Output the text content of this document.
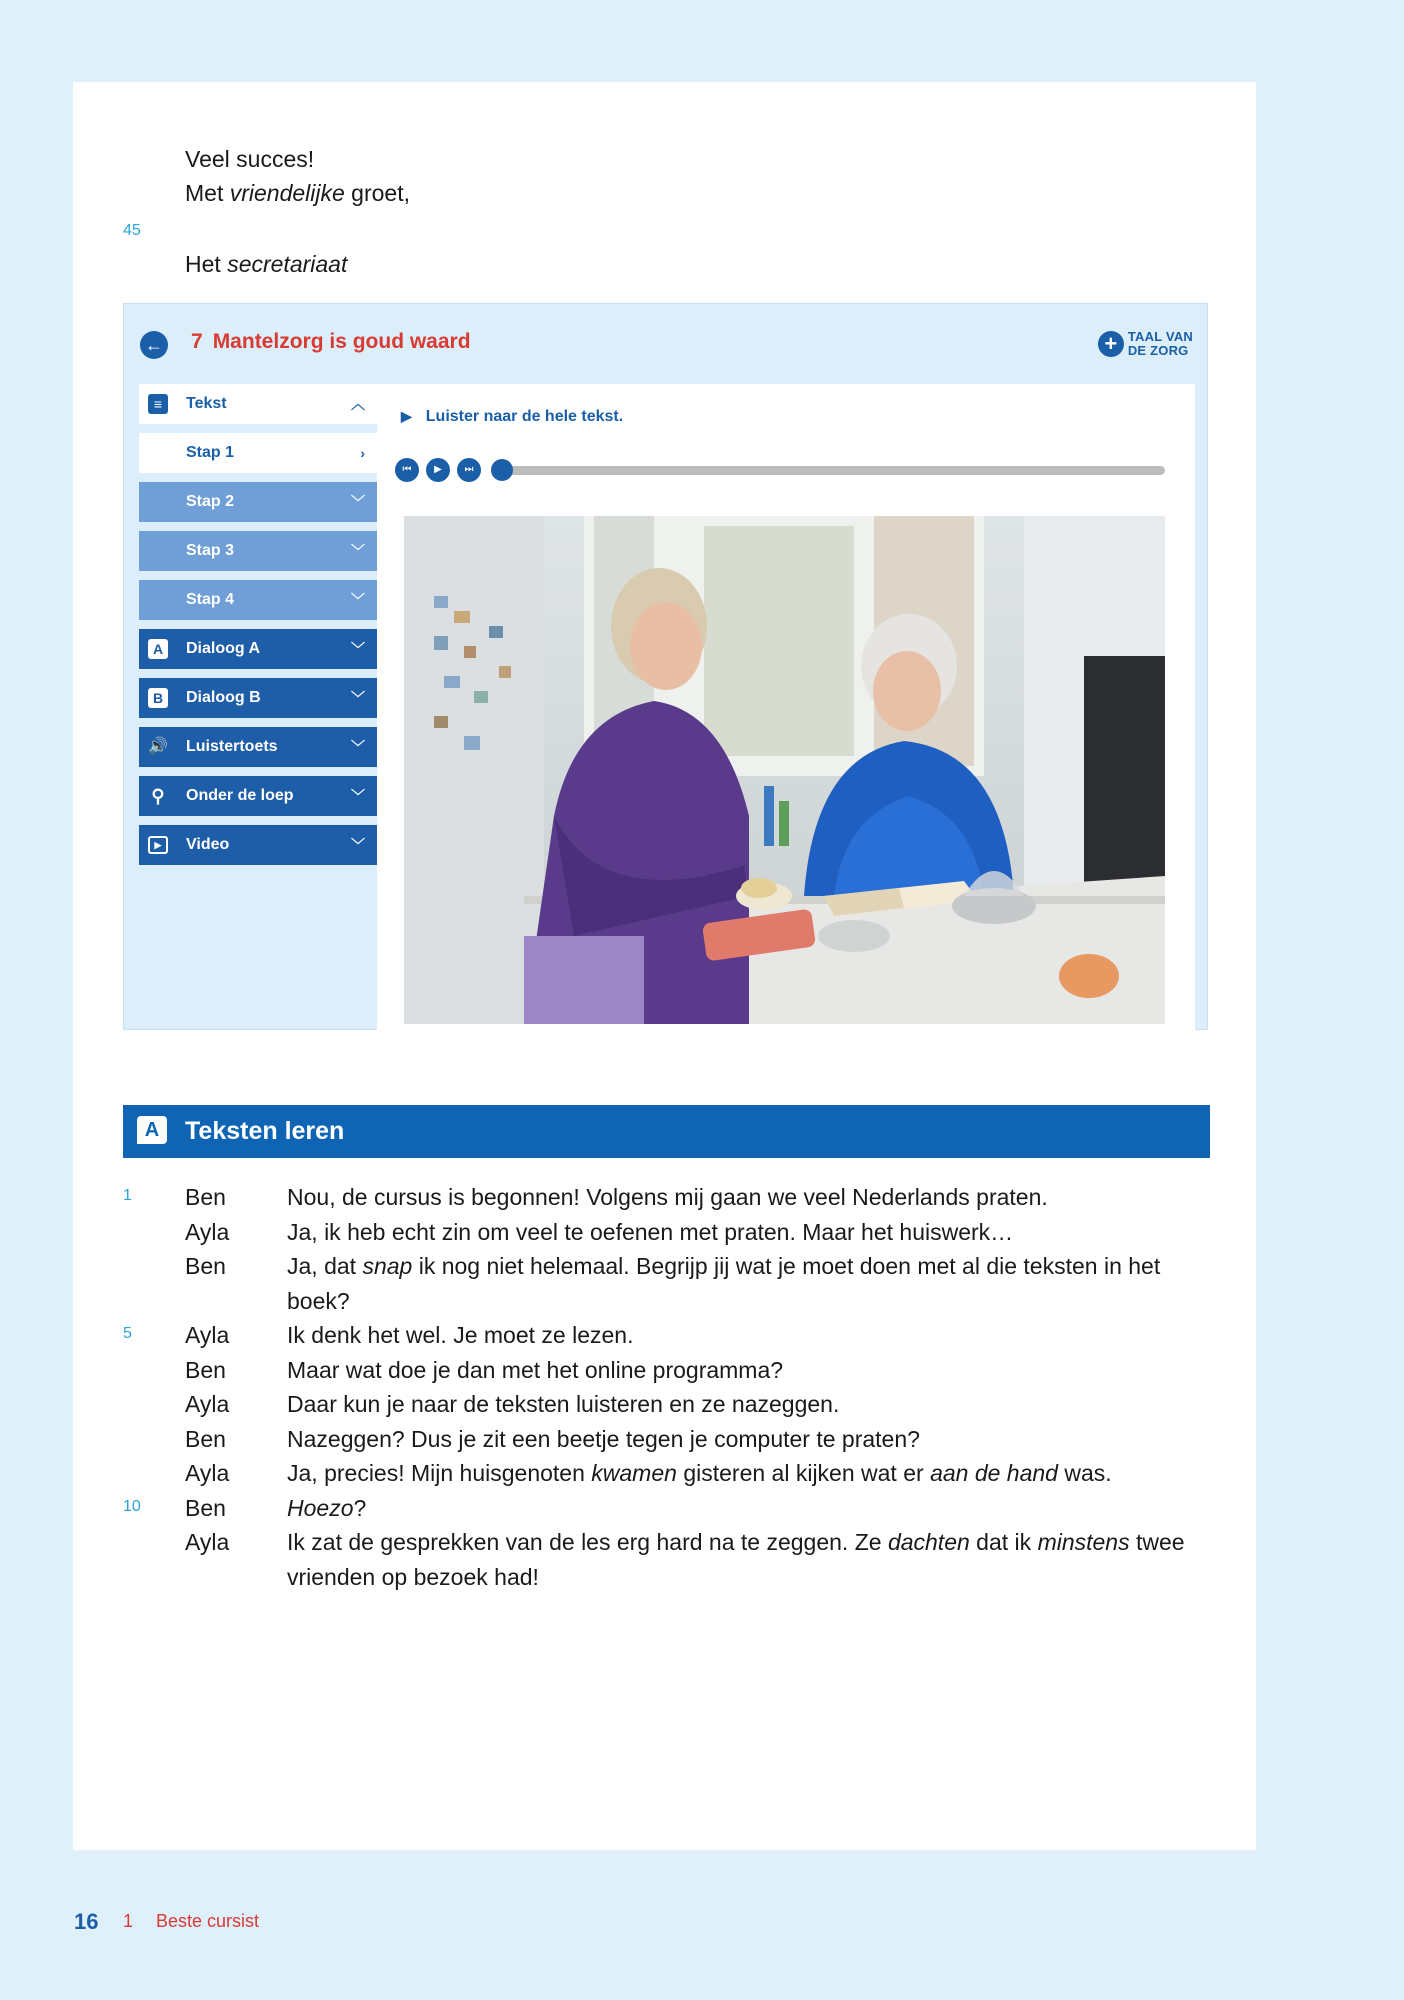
Veel succes!
Met vriendelijke groet,
45
Het secretariaat
← 7 Mantelzorg is goud waard	+ TAAL VAN
DE ZORG
≡	Tekst	︿
Stap 1	›
Stap 2	﹀
Stap 3	﹀
Stap 4	﹀
A	Dialoog A	﹀
B	Dialoog B	﹀
🔊 Luistertoets	﹀
⚲ Onder de loep	﹀
▶	Video	﹀
▶ Luister naar de hele tekst.
⏮	▶	⏭
A	Teksten leren
1 Ben	Nou, de cursus is begonnen! Volgens mij gaan we veel Nederlands praten.
Ayla	Ja, ik heb echt zin om veel te oefenen met praten. Maar het huiswerk…
Ben	Ja, dat snap ik nog niet helemaal. Begrijp jij wat je moet doen met al die teksten in het boek?
5 Ayla	Ik denk het wel. Je moet ze lezen.
Ben	Maar wat doe je dan met het online programma?
Ayla	Daar kun je naar de teksten luisteren en ze nazeggen.
Ben	Nazeggen? Dus je zit een beetje tegen je computer te praten?
Ayla	Ja, precies! Mijn huisgenoten kwamen gisteren al kijken wat er aan de hand was.
10 Ben	Hoezo?
Ayla	Ik zat de gesprekken van de les erg hard na te zeggen. Ze dachten dat ik minstens twee vrienden op bezoek had!
16 1 Beste cursist
